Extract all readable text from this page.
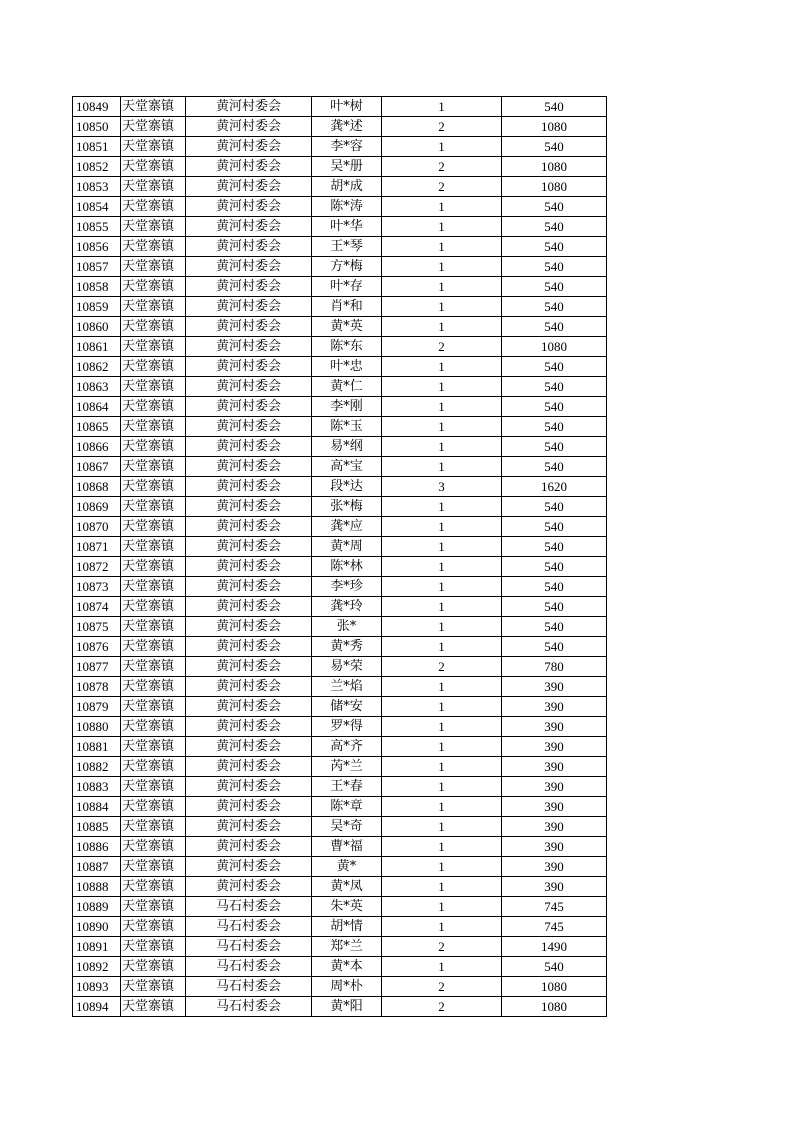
10849	天堂寨镇	黄河村委会	叶*树	1	540
10850	天堂寨镇	黄河村委会	龚*述	2	1080
10851	天堂寨镇	黄河村委会	李*容	1	540
10852	天堂寨镇	黄河村委会	吴*册	2	1080
10853	天堂寨镇	黄河村委会	胡*成	2	1080
10854	天堂寨镇	黄河村委会	陈*涛	1	540
10855	天堂寨镇	黄河村委会	叶*华	1	540
10856	天堂寨镇	黄河村委会	王*琴	1	540
10857	天堂寨镇	黄河村委会	方*梅	1	540
10858	天堂寨镇	黄河村委会	叶*存	1	540
10859	天堂寨镇	黄河村委会	肖*和	1	540
10860	天堂寨镇	黄河村委会	黄*英	1	540
10861	天堂寨镇	黄河村委会	陈*东	2	1080
10862	天堂寨镇	黄河村委会	叶*忠	1	540
10863	天堂寨镇	黄河村委会	黄*仁	1	540
10864	天堂寨镇	黄河村委会	李*刚	1	540
10865	天堂寨镇	黄河村委会	陈*玉	1	540
10866	天堂寨镇	黄河村委会	易*纲	1	540
10867	天堂寨镇	黄河村委会	高*宝	1	540
10868	天堂寨镇	黄河村委会	段*达	3	1620
10869	天堂寨镇	黄河村委会	张*梅	1	540
10870	天堂寨镇	黄河村委会	龚*应	1	540
10871	天堂寨镇	黄河村委会	黄*周	1	540
10872	天堂寨镇	黄河村委会	陈*林	1	540
10873	天堂寨镇	黄河村委会	李*珍	1	540
10874	天堂寨镇	黄河村委会	龚*玲	1	540
10875	天堂寨镇	黄河村委会	张*	1	540
10876	天堂寨镇	黄河村委会	黄*秀	1	540
10877	天堂寨镇	黄河村委会	易*荣	2	780
10878	天堂寨镇	黄河村委会	兰*焰	1	390
10879	天堂寨镇	黄河村委会	储*安	1	390
10880	天堂寨镇	黄河村委会	罗*得	1	390
10881	天堂寨镇	黄河村委会	高*齐	1	390
10882	天堂寨镇	黄河村委会	芮*兰	1	390
10883	天堂寨镇	黄河村委会	王*春	1	390
10884	天堂寨镇	黄河村委会	陈*章	1	390
10885	天堂寨镇	黄河村委会	吴*奇	1	390
10886	天堂寨镇	黄河村委会	曹*福	1	390
10887	天堂寨镇	黄河村委会	黄*	1	390
10888	天堂寨镇	黄河村委会	黄*凤	1	390
10889	天堂寨镇	马石村委会	朱*英	1	745
10890	天堂寨镇	马石村委会	胡*情	1	745
10891	天堂寨镇	马石村委会	郑*兰	2	1490
10892	天堂寨镇	马石村委会	黄*本	1	540
10893	天堂寨镇	马石村委会	周*朴	2	1080
10894	天堂寨镇	马石村委会	黄*阳	2	1080
